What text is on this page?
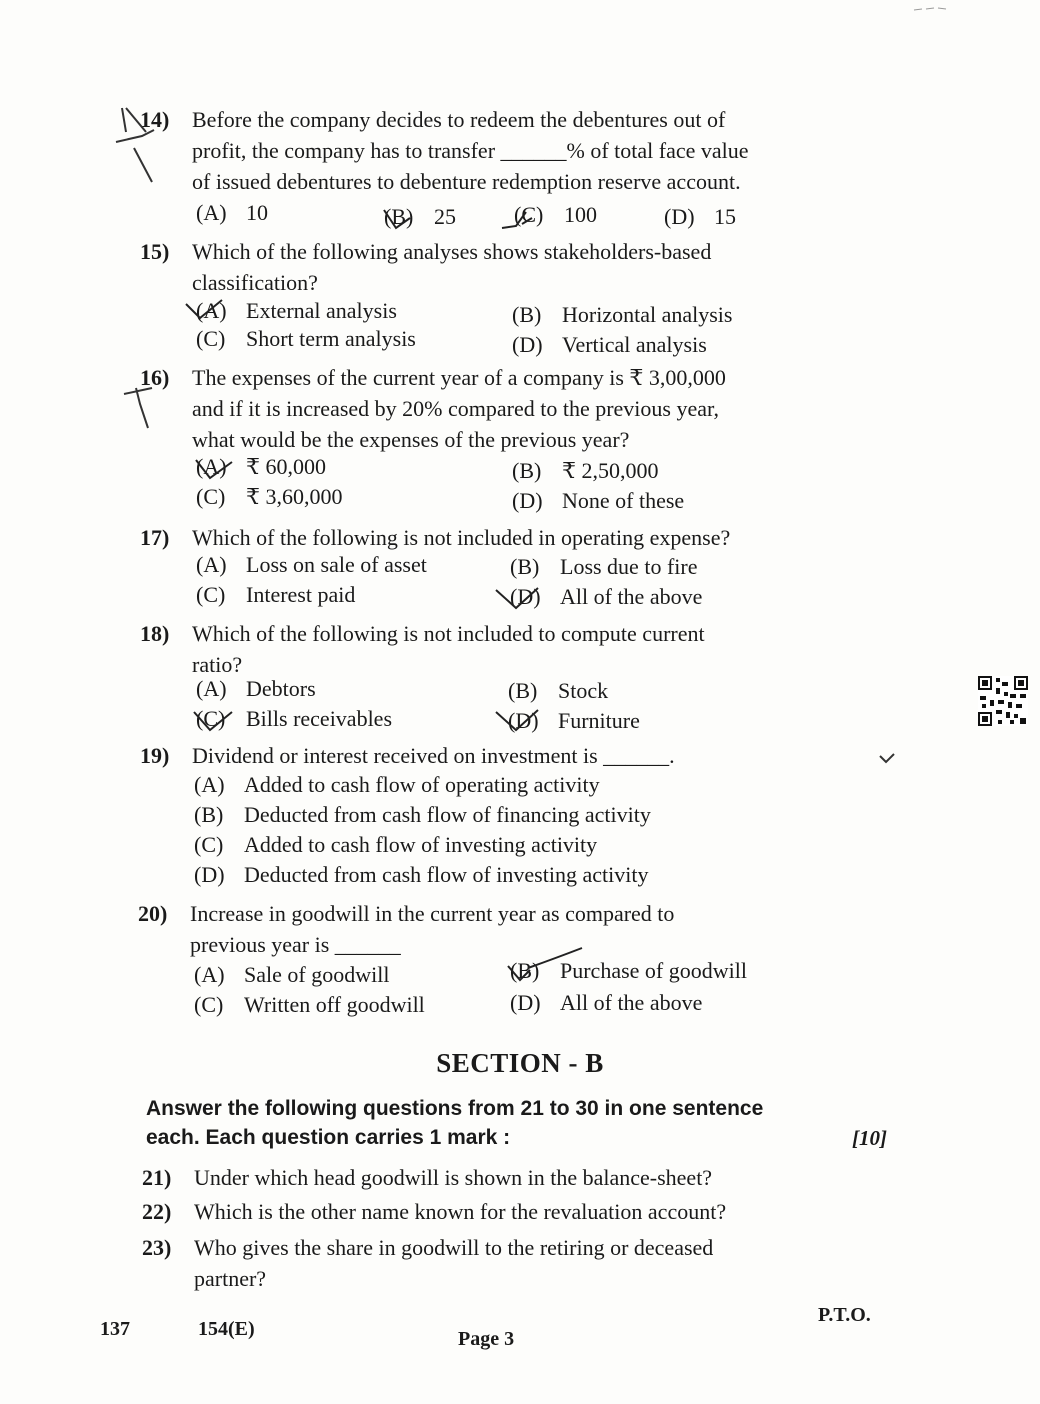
14)	Before the company decides to redeem the debentures out of
profit, the company has to transfer ______% of total face value
of issued debentures to debenture redemption reserve account.
(A) 10	(B) 25	(C) 100	(D) 15
15)	Which of the following analyses shows stakeholders-based
classification?
(A) External analysis	(B) Horizontal analysis
(C) Short term analysis	(D) Vertical analysis
16)	The expenses of the current year of a company is ₹ 3,00,000
and if it is increased by 20% compared to the previous year,
what would be the expenses of the previous year?
(A) ₹ 60,000	(B) ₹ 2,50,000
(C) ₹ 3,60,000	(D) None of these
17)	Which of the following is not included in operating expense?
(A) Loss on sale of asset	(B) Loss due to fire
(C) Interest paid	(D) All of the above
18)	Which of the following is not included to compute current
ratio?
(A) Debtors	(B) Stock
(C) Bills receivables	(D) Furniture
19)	Dividend or interest received on investment is ______.
(A) Added to cash flow of operating activity
(B) Deducted from cash flow of financing activity
(C) Added to cash flow of investing activity
(D) Deducted from cash flow of investing activity
20)	Increase in goodwill in the current year as compared to
previous year is ______
(A) Sale of goodwill	(B) Purchase of goodwill
(C) Written off goodwill	(D) All of the above
SECTION - B
Answer the following questions from 21 to 30 in one sentence each. Each question carries 1 mark :	[10]
21)	Under which head goodwill is shown in the balance-sheet?
22)	Which is the other name known for the revaluation account?
23)	Who gives the share in goodwill to the retiring or deceased
partner?
137	154(E)	Page 3
P.T.O.
